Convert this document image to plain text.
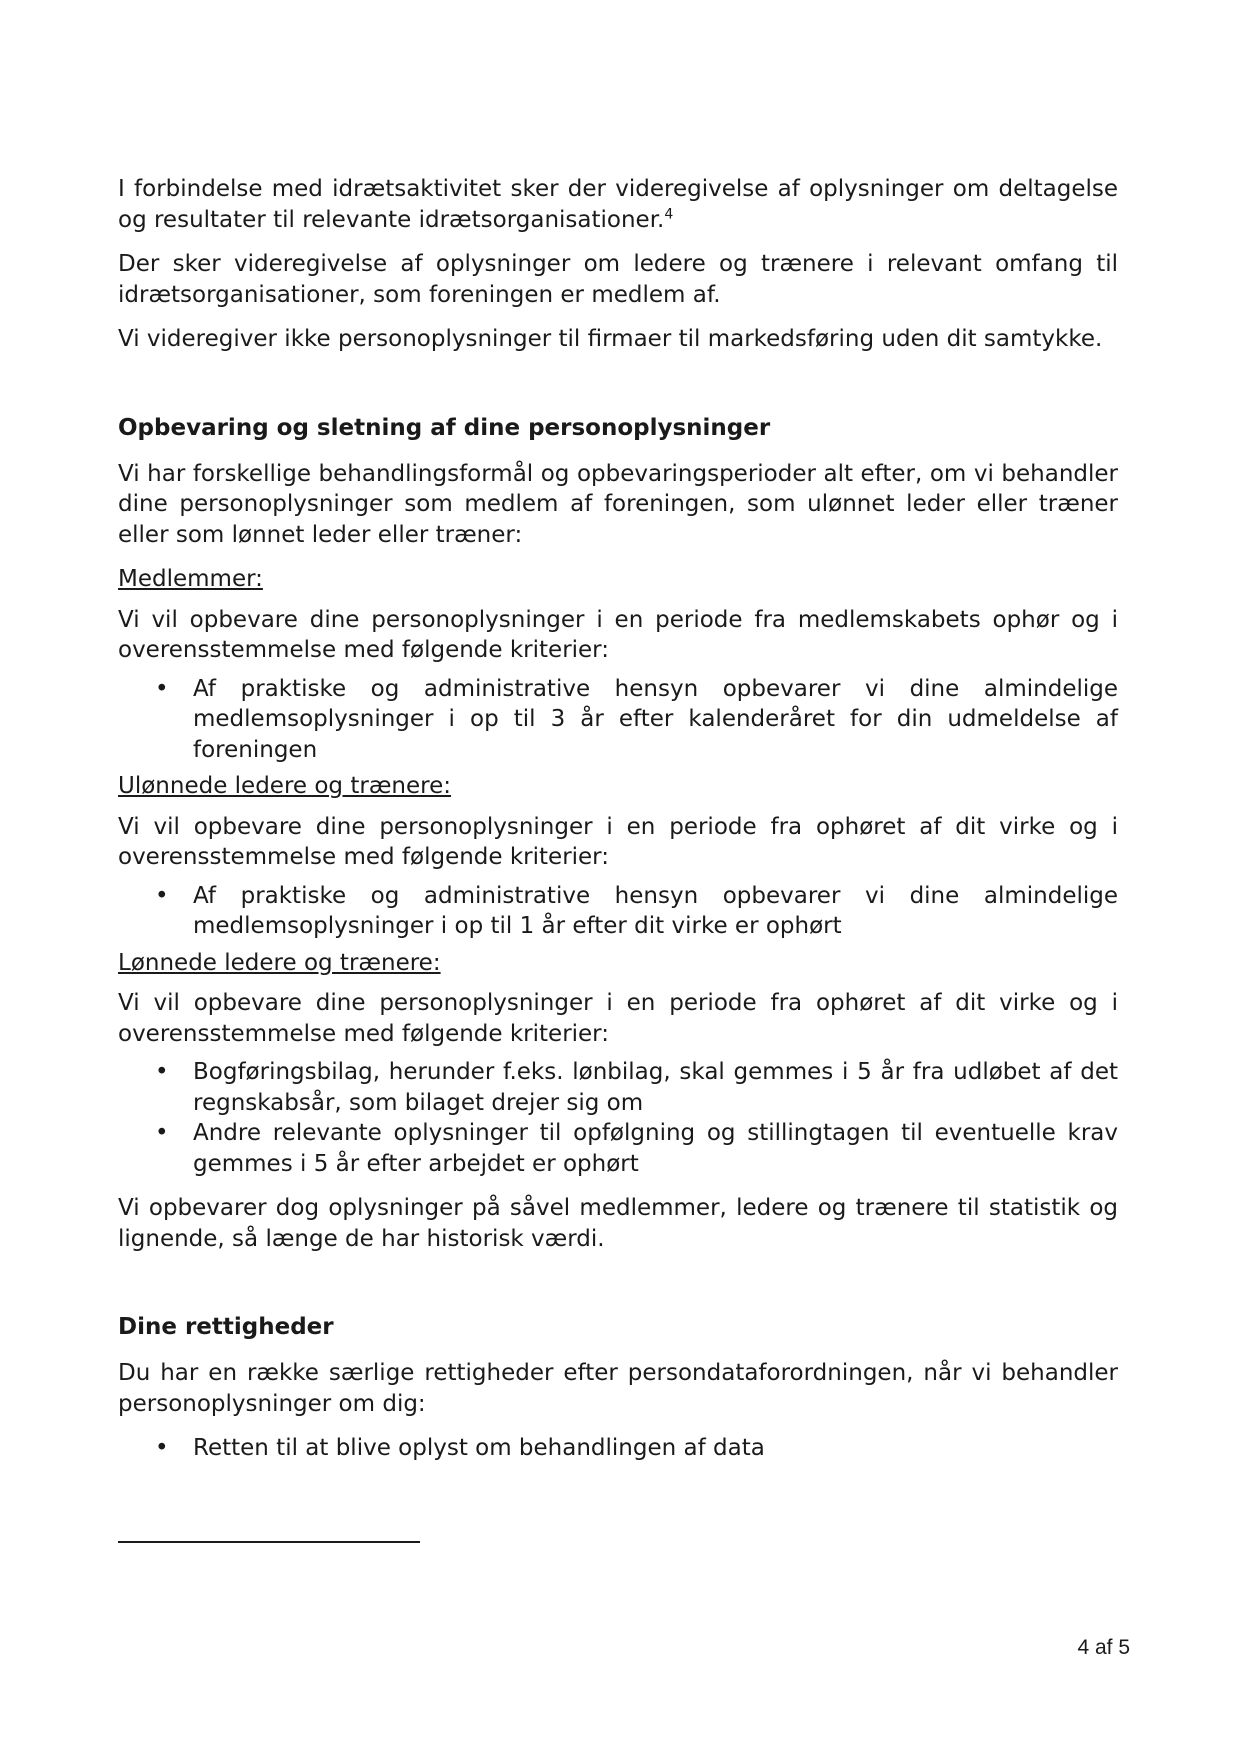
I forbindelse med idrætsaktivitet sker der videregivelse af oplysninger om deltagelse og resultater til relevante idrætsorganisationer.$^4$

Der sker videregivelse af oplysninger om ledere og trænere i relevant omfang til idrætsorganisationer, som foreningen er medlem af.

Vi videregiver ikke personoplysninger til firmaer til markedsføring uden dit samtykke.

Opbevaring og sletning af dine personoplysninger

Vi har forskellige behandlingsformål og opbevaringsperioder alt efter, om vi behandler dine personoplysninger som medlem af foreningen, som ulønnet leder eller træner eller som lønnet leder eller træner:

Medlemmer:

Vi vil opbevare dine personoplysninger i en periode fra medlemskabets ophør og i overensstemmelse med følgende kriterier:

• Af praktiske og administrative hensyn opbevarer vi dine almindelige medlemsoplysninger i op til 3 år efter kalenderåret for din udmeldelse af foreningen
Ulønnede ledere og trænere:

Vi vil opbevare dine personoplysninger i en periode fra ophøret af dit virke og i overensstemmelse med følgende kriterier:

• Af praktiske og administrative hensyn opbevarer vi dine almindelige medlemsoplysninger i op til 1 år efter dit virke er ophørt
Lønnede ledere og trænere:

Vi vil opbevare dine personoplysninger i en periode fra ophøret af dit virke og i overensstemmelse med følgende kriterier:

• Bogføringsbilag, herunder f.eks. lønbilag, skal gemmes i 5 år fra udløbet af det regnskabsår, som bilaget drejer sig om
• Andre relevante oplysninger til opfølgning og stillingtagen til eventuelle krav gemmes i 5 år efter arbejdet er ophørt

Vi opbevarer dog oplysninger på såvel medlemmer, ledere og trænere til statistik og lignende, så længe de har historisk værdi.

Dine rettigheder

Du har en række særlige rettigheder efter persondataforordningen, når vi behandler personoplysninger om dig:

• Retten til at blive oplyst om behandlingen af data
4 af 5
